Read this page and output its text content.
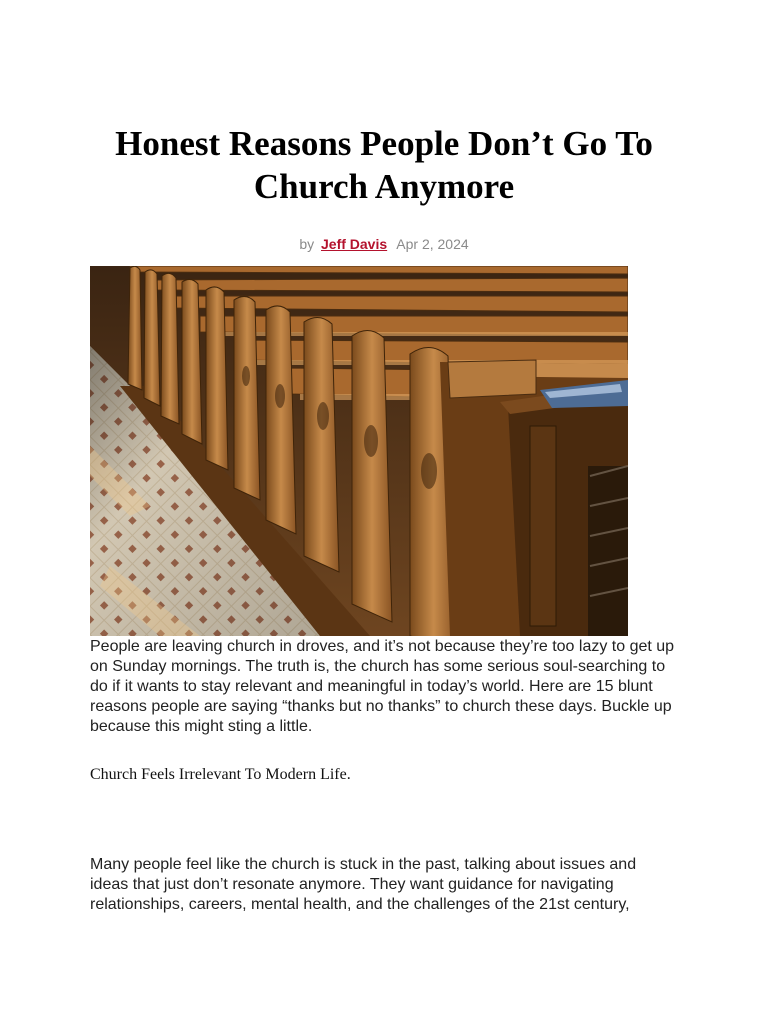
Honest Reasons People Don’t Go To Church Anymore
by Jeff Davis Apr 2, 2024

People are leaving church in droves, and it’s not because they’re too lazy to get up on Sunday mornings. The truth is, the church has some serious soul-searching to do if it wants to stay relevant and meaningful in today’s world. Here are 15 blunt reasons people are saying “thanks but no thanks” to church these days. Buckle up because this might sting a little.

Church Feels Irrelevant To Modern Life.

Many people feel like the church is stuck in the past, talking about issues and ideas that just don’t resonate anymore. They want guidance for navigating relationships, careers, mental health, and the challenges of the 21st century,
